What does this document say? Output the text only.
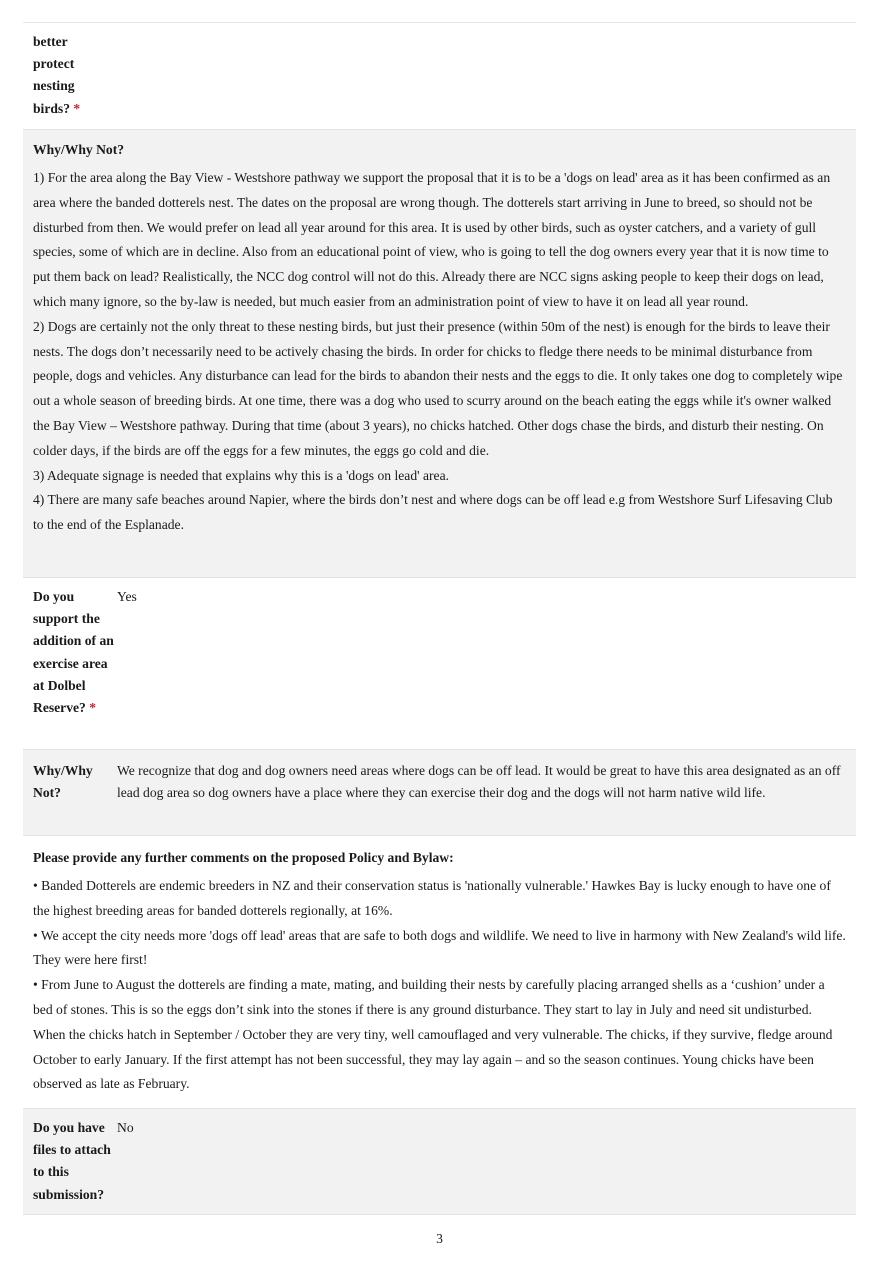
better protect nesting birds? *
Why/Why Not?

1) For the area along the Bay View - Westshore pathway we support the proposal that it is to be a 'dogs on lead' area as it has been confirmed as an area where the banded dotterels nest. The dates on the proposal are wrong though. The dotterels start arriving in June to breed, so should not be disturbed from then. We would prefer on lead all year around for this area. It is used by other birds, such as oyster catchers, and a variety of gull species, some of which are in decline. Also from an educational point of view, who is going to tell the dog owners every year that it is now time to put them back on lead? Realistically, the NCC dog control will not do this. Already there are NCC signs asking people to keep their dogs on lead, which many ignore, so the by-law is needed, but much easier from an administration point of view to have it on lead all year round.

2) Dogs are certainly not the only threat to these nesting birds, but just their presence (within 50m of the nest) is enough for the birds to leave their nests. The dogs don’t necessarily need to be actively chasing the birds. In order for chicks to fledge there needs to be minimal disturbance from people, dogs and vehicles. Any disturbance can lead for the birds to abandon their nests and the eggs to die. It only takes one dog to completely wipe out a whole season of breeding birds. At one time, there was a dog who used to scurry around on the beach eating the eggs while it's owner walked the Bay View – Westshore pathway. During that time (about 3 years), no chicks hatched. Other dogs chase the birds, and disturb their nesting. On colder days, if the birds are off the eggs for a few minutes, the eggs go cold and die.

3) Adequate signage is needed that explains why this is a 'dogs on lead' area.

4) There are many safe beaches around Napier, where the birds don’t nest and where dogs can be off lead e.g from Westshore Surf Lifesaving Club to the end of the Esplanade.

Do you support the addition of an exercise area at Dolbel Reserve? *
Yes
Why/Why Not?
We recognize that dog and dog owners need areas where dogs can be off lead. It would be great to have this area designated as an off lead dog area so dog owners have a place where they can exercise their dog and the dogs will not harm native wild life.
Please provide any further comments on the proposed Policy and Bylaw:

• Banded Dotterels are endemic breeders in NZ and their conservation status is 'nationally vulnerable.' Hawkes Bay is lucky enough to have one of the highest breeding areas for banded dotterels regionally, at 16%.

• We accept the city needs more 'dogs off lead' areas that are safe to both dogs and wildlife. We need to live in harmony with New Zealand's wild life. They were here first!

• From June to August the dotterels are finding a mate, mating, and building their nests by carefully placing arranged shells as a ‘cushion’ under a bed of stones. This is so the eggs don’t sink into the stones if there is any ground disturbance. They start to lay in July and need sit undisturbed. When the chicks hatch in September / October they are very tiny, well camouflaged and very vulnerable. The chicks, if they survive, fledge around October to early January. If the first attempt has not been successful, they may lay again – and so the season continues. Young chicks have been observed as late as February.

Do you have files to attach to this submission?
No
3
